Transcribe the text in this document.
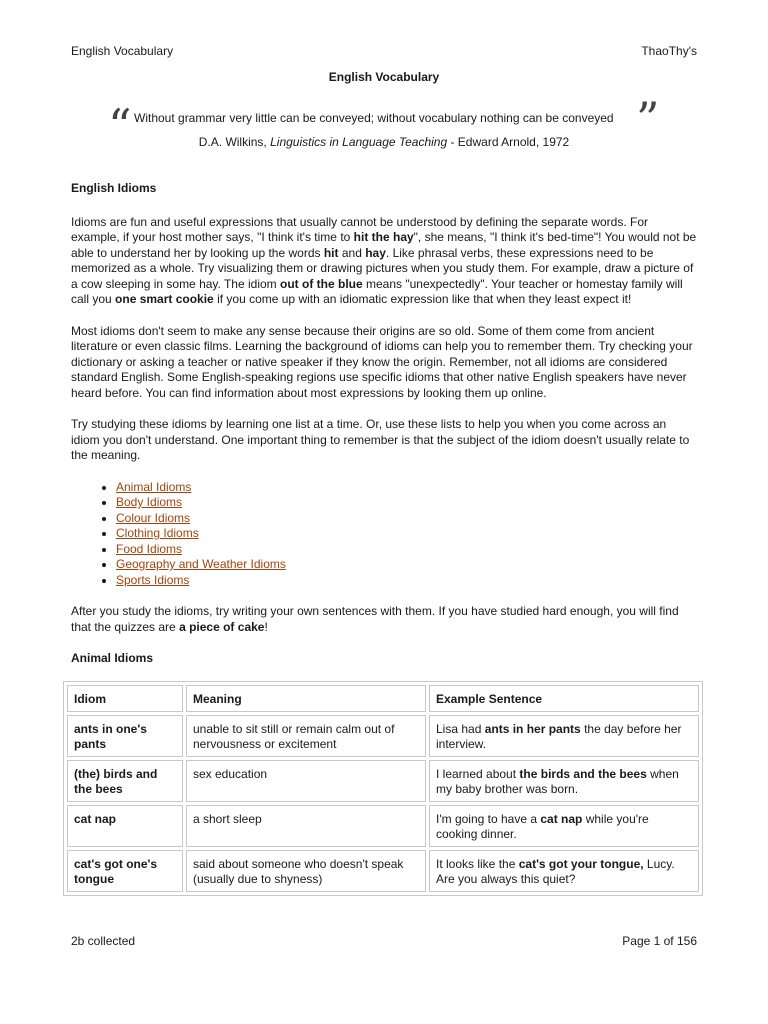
English Vocabulary	ThaoThy's
English Vocabulary
“ Without grammar very little can be conveyed; without vocabulary nothing can be conveyed ”
D.A. Wilkins, Linguistics in Language Teaching - Edward Arnold, 1972
English Idioms

Idioms are fun and useful expressions that usually cannot be understood by defining the separate words. For example, if your host mother says, "I think it's time to hit the hay", she means, "I think it's bed-time"! You would not be able to understand her by looking up the words hit and hay. Like phrasal verbs, these expressions need to be memorized as a whole. Try visualizing them or drawing pictures when you study them. For example, draw a picture of a cow sleeping in some hay. The idiom out of the blue means "unexpectedly". Your teacher or homestay family will call you one smart cookie if you come up with an idiomatic expression like that when they least expect it!

Most idioms don't seem to make any sense because their origins are so old. Some of them come from ancient literature or even classic films. Learning the background of idioms can help you to remember them. Try checking your dictionary or asking a teacher or native speaker if they know the origin. Remember, not all idioms are considered standard English. Some English-speaking regions use specific idioms that other native English speakers have never heard before. You can find information about most expressions by looking them up online.

Try studying these idioms by learning one list at a time. Or, use these lists to help you when you come across an idiom you don't understand. One important thing to remember is that the subject of the idiom doesn't usually relate to the meaning.

• Animal Idioms
• Body Idioms
• Colour Idioms
• Clothing Idioms
• Food Idioms
• Geography and Weather Idioms
• Sports Idioms

After you study the idioms, try writing your own sentences with them. If you have studied hard enough, you will find that the quizzes are a piece of cake!

Animal Idioms
Idiom	Meaning	Example Sentence
ants in one's pants	unable to sit still or remain calm out of nervousness or excitement	Lisa had ants in her pants the day before her interview.
(the) birds and the bees	sex education	I learned about the birds and the bees when my baby brother was born.
cat nap	a short sleep	I'm going to have a cat nap while you're cooking dinner.
cat's got one's tongue	said about someone who doesn't speak (usually due to shyness)	It looks like the cat's got your tongue, Lucy. Are you always this quiet?
2b collected	Page 1 of 156
